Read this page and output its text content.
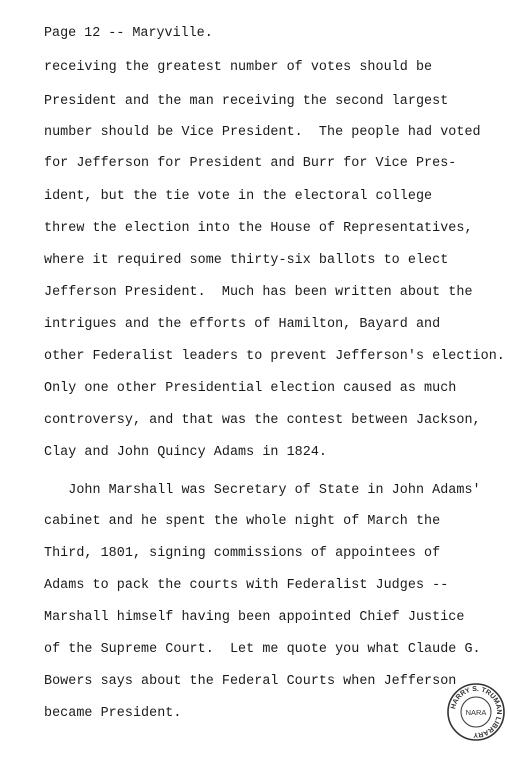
Page 12 -- Maryville.
receiving the greatest number of votes should be
President and the man receiving the second largest
number should be Vice President.  The people had voted
for Jefferson for President and Burr for Vice Pres-
ident, but the tie vote in the electoral college
threw the election into the House of Representatives,
where it required some thirty-six ballots to elect
Jefferson President.  Much has been written about the
intrigues and the efforts of Hamilton, Bayard and
other Federalist leaders to prevent Jefferson's election.
Only one other Presidential election caused as much
controversy, and that was the contest between Jackson,
Clay and John Quincy Adams in 1824.
John Marshall was Secretary of State in John Adams'
cabinet and he spent the whole night of March the
Third, 1801, signing commissions of appointees of
Adams to pack the courts with Federalist Judges --
Marshall himself having been appointed Chief Justice
of the Supreme Court.  Let me quote you what Claude G.
Bowers says about the Federal Courts when Jefferson
became President.	HARRY S. TRUMAN LIBRARY
NARA
